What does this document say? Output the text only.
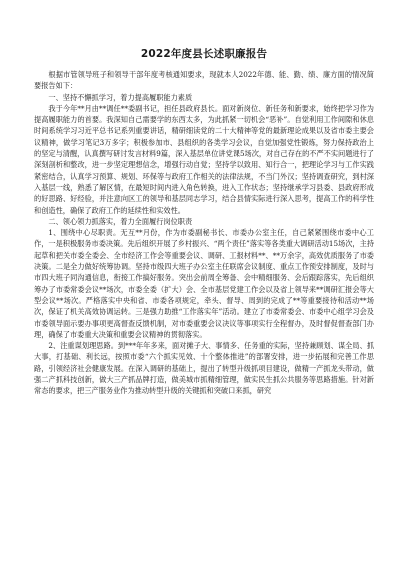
2022年度县长述职廉报告

根据市管领导班子和领导干部年度考核通知要求，现就本人2022年德、能、勤、绩、廉方面的情况简要报告如下：

一、坚持不懈抓学习，着力提高履职能力素质

我于今年**月由**调任**委副书记，担任县政府县长。面对新岗位、新任务和新要求，始终把学习作为提高履职能力的首要。我深知自己需要学的东西太多，为此抓紧一切机会“恶补”。自觉利用工作间隙和休息时间系统学习习近平总书记系列重要讲话，精研细读党的二十大精神等党的最新理论成果以及省市委主要会议精神，做学习笔记3万多字；积极参加市、县组织的各类学习会议，自觉加强党性锻炼，努力保持政治上的坚定与清醒，认真撰写研讨发言材料9篇，深入基层单位讲党课5场次，对自己存在的不严不实问题进行了深刻剖析和整改，进一步坚定理想信念，增强行动自觉；坚持学以致用、知行合一，把理论学习与工作实践紧密结合，认真学习预算、规划、环保等与政府工作相关的法律法规，不当门外汉；坚持调查研究，到村深入基层一线，熟悉了解区情，在最短时间内进入角色转换，进入工作状态；坚持继承学习县委、县政府形成的好思路、好经验，并注意向区工的领导和基层同志学习，结合县情实际进行深入思考，提高工作的科学性和创造性，确保了政府工作的延续性和实效性。

二、领心领力抓落实，着力全面履行岗位职责

1、围绕中心尽职责。无互**月份，作为市委副秘书长、市委办公室主任，自己紧紧围绕市委中心工作，一是积极服务市委决策。先后组织开展了乡村振兴、“两个责任”落实等各类重大调研活动15场次，主持起草和把关市委全委会、全市经济工作会等重要会议、调研、工报材料**、**万余字，高效优质服务了市委决策。二是全力做好统筹协调。坚持市级四大班子办公室主任联席会议制度、重点工作预安排制度，及时与市四大班子同沟通信息，衔接工作搞好服务。突出会前周全筹备、会中精细服务、会后跟踪落实，先后组织筹办了市委常委会议**场次，市委全委（扩大）会、全市基层党建工作会以及省上领导来**调研汇报会等大型会议**场次。严格落实中央和省、市委各项规定，牵头、督导、周到的完成了**等重要接待和活动**场次，保证了机关高效协调运转。三是强力助推“工作落实年”活动。建立了市委常委会、市委中心组学习会及市委领导面示要办事项更高督查反馈机制，对市委重要会议决议等事项实行全程督办，及时督促督查部门办理，确保了市委重大决策和重要会议精神的贯彻落实。

2、注重谋划理思路。到***年年多来，面对摊子大、事情多、任务重的实际，坚持兼顾划、谋全局、抓大事，打基础、利长远，按照市委“六个抓实见效、十个整体推进”的部署安排，进一步拓展和完善工作思路，引领经济社会健康发展。在深入调研的基础上，提出了转型升级抓项目建设，做精一产抓龙头带动，做强二产抓科技创新，做大三产抓品牌打造，做美城市抓精细管理，做实民生抓公共服务等思路措施。针对新常态的要求，把三产服务业作为推动转型升级的关键抓和突破口来抓，研究
